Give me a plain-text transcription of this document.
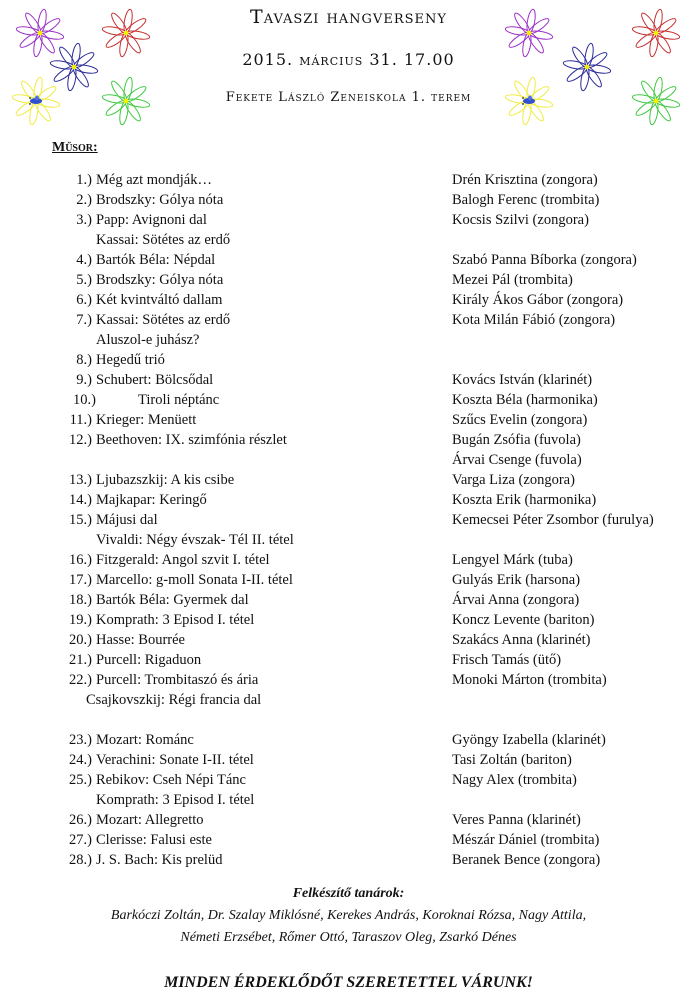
Tavaszi hangverseny
2015. március 31. 17.00
Fekete László Zeneiskola 1. terem
Műsor:
1.) Még azt mondják…	Drén Krisztina (zongora)
2.) Brodszky: Gólya nóta	Balogh Ferenc (trombita)
3.) Papp: Avignoni dal	Kocsis Szilvi (zongora)
Kassai: Sötétes az erdő
4.) Bartók Béla: Népdal	Szabó Panna Bíborka (zongora)
5.) Brodszky: Gólya nóta	Mezei Pál (trombita)
6.) Két kvintváltó dallam	Király Ákos Gábor (zongora)
7.) Kassai: Sötétes az erdő	Kota Milán Fábió (zongora)
Aluszol-e juhász?
8.) Hegedű trió
9.) Schubert: Bölcsődal	Kovács István (klarinét)
10.)	Tiroli néptánc	Koszta Béla (harmonika)
11.) Krieger: Menüett	Szűcs Evelin (zongora)
12.) Beethoven: IX. szimfónia részlet	Bugán Zsófia (fuvola)
Árvai Csenge (fuvola)
13.) Ljubazszkij: A kis csibe	Varga Liza (zongora)
14.) Majkapar: Keringő	Koszta Erik (harmonika)
15.) Májusi dal	Kemecsei Péter Zsombor (furulya)
Vivaldi: Négy évszak- Tél II. tétel
16.) Fitzgerald: Angol szvit I. tétel	Lengyel Márk (tuba)
17.) Marcello: g-moll Sonata I-II. tétel	Gulyás Erik (harsona)
18.) Bartók Béla: Gyermek dal	Árvai Anna (zongora)
19.) Komprath: 3 Episod I. tétel	Koncz Levente (bariton)
20.) Hasse: Bourrée	Szakács Anna (klarinét)
21.) Purcell: Rigaduon	Frisch Tamás (ütő)
22.) Purcell: Trombitaszó és ária	Monoki Márton (trombita)
Csajkovszkij: Régi francia dal
23.) Mozart: Románc	Gyöngy Izabella (klarinét)
24.) Verachini: Sonate I-II. tétel	Tasi Zoltán (bariton)
25.) Rebikov: Cseh Népi Tánc	Nagy Alex (trombita)
Komprath: 3 Episod I. tétel
26.) Mozart: Allegretto	Veres Panna (klarinét)
27.) Clerisse: Falusi este	Mészár Dániel (trombita)
28.) J. S. Bach: Kis prelüd	Beranek Bence (zongora)
Felkészítő tanárok:
Barkóczi Zoltán, Dr. Szalay Miklósné, Kerekes András, Koroknai Rózsa, Nagy Attila,
Németi Erzsébet, Rőmer Ottó, Taraszov Oleg, Zsarkó Dénes
MINDEN ÉRDEKLŐDŐT SZERETETTEL VÁRUNK!
